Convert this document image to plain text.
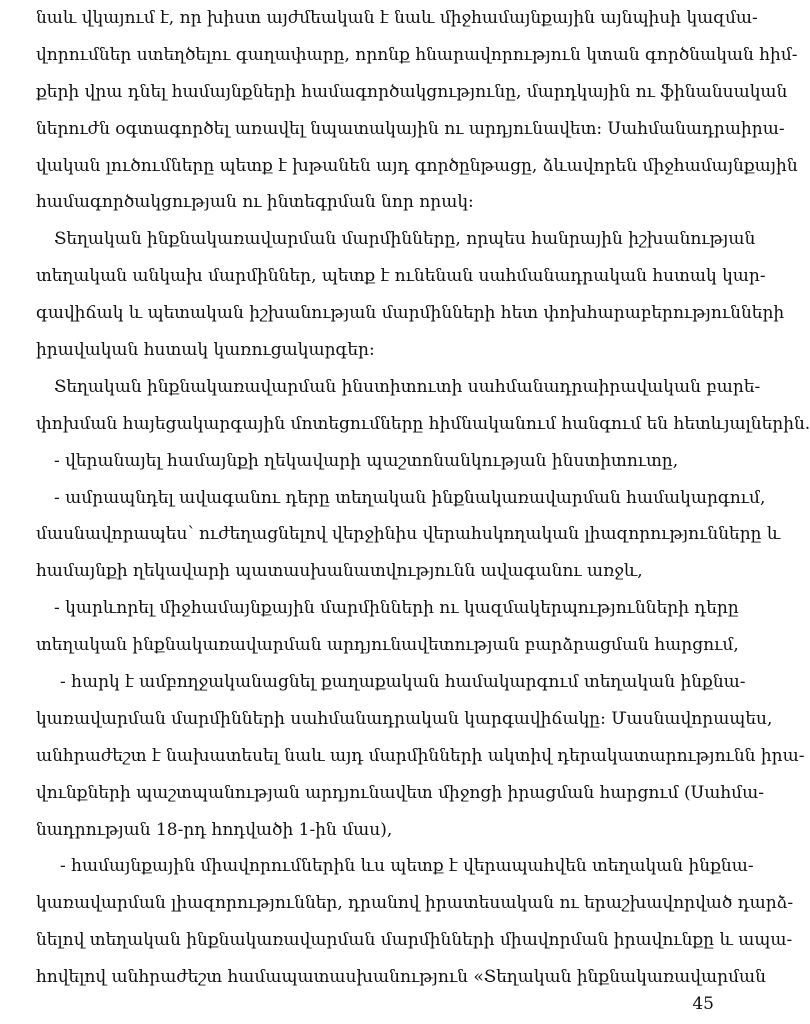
նաև վկայում է, որ խիստ այժմեական է նաև միջհամայնքային այնպիսի կազմա-
վորումներ ստեղծելու գաղափարը, որոնք հնարավորություն կտան գործնական հիմ-
քերի վրա դնել համայնքների համագործակցությունը, մարդկային ու ֆինանսական
ներուժն օգտագործել առավել նպատակային ու արդյունավետ: Սահմանադրաիրա-
վական լուծումները պետք է խթանեն այդ գործընթացը, ձևավորեն միջհամայնքային
համագործակցության ու ինտեգրման նոր որակ:
Տեղական ինքնակառավարման մարմինները, որպես հանրային իշխանության
տեղական անկախ մարմիններ, պետք է ունենան սահմանադրական հստակ կար-
գավիճակ և պետական իշխանության մարմինների հետ փոխհարաբերությունների
իրավական հստակ կառուցակարգեր:
Տեղական ինքնակառավարման ինստիտուտի սահմանադրաիրավական բարե-
փոխման հայեցակարգային մոտեցումները հիմնականում հանգում են հետևյալներին.
- վերանայել համայնքի ղեկավարի պաշտոնանկության ինստիտուտը,
- ամրապնդել ավագանու դերը տեղական ինքնակառավարման համակարգում,
մասնավորապես՝ ուժեղացնելով վերջինիս վերահսկողական լիազորությունները և
համայնքի ղեկավարի պատասխանատվությունն ավագանու առջև,
- կարևորել միջհամայնքային մարմինների ու կազմակերպությունների դերը
տեղական ինքնակառավարման արդյունավետության բարձրացման հարցում,
- հարկ է ամբողջականացնել քաղաքական համակարգում տեղական ինքնա-
կառավարման մարմինների սահմանադրական կարգավիճակը: Մասնավորապես,
անհրաժեշտ է նախատեսել նաև այդ մարմինների ակտիվ դերակատարությունն իրա-
վունքների պաշտպանության արդյունավետ միջոցի իրացման հարցում (Սահմա-
նադրության 18-րդ հոդվածի 1-ին մաս),
- համայնքային միավորումներին ևս պետք է վերապահվեն տեղական ինքնա-
կառավարման լիազորություններ, դրանով իրատեսական ու երաշխավորված դարձ-
նելով տեղական ինքնակառավարման մարմինների միավորման իրավունքը և ապա-
հովելով անհրաժեշտ համապատասխանություն «Տեղական ինքնակառավարման
45
